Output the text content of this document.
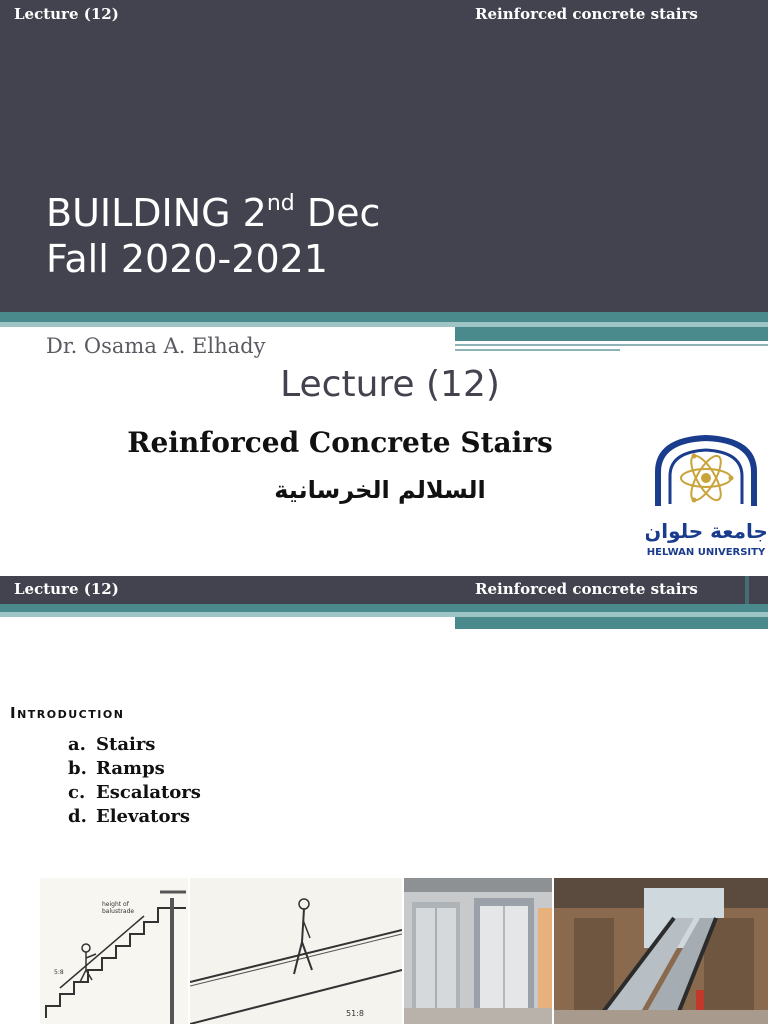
Lecture (12)	Reinforced concrete stairs
BUILDING 2nd Dec
Fall 2020-2021
Dr. Osama A. Elhady
Lecture (12)
Reinforced Concrete Stairs
السلالم الخرسانية
جامعة حلوان
HELWAN UNIVERSITY
Lecture (12)	Reinforced concrete stairs
Introduction
a. Stairs
b. Ramps
c. Escalators
d. Elevators
height of
balustrade
5:8
51:8
